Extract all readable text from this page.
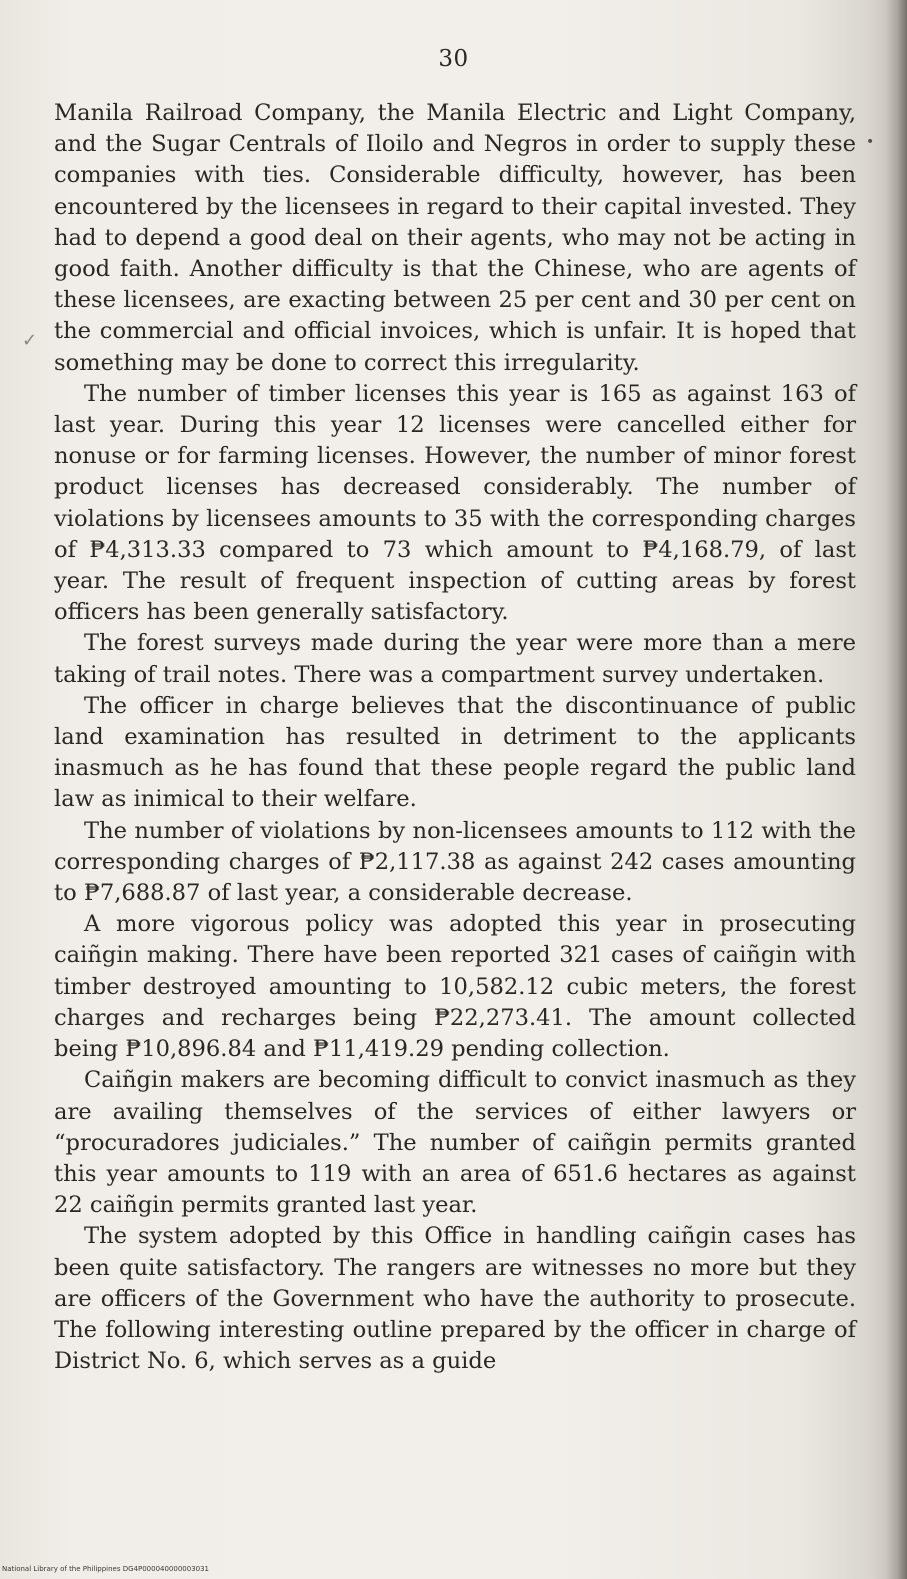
30
✓
•

Manila Railroad Company, the Manila Electric and Light Company, and the Sugar Centrals of Iloilo and Negros in order to supply these companies with ties. Considerable difficulty, however, has been encountered by the licensees in regard to their capital invested. They had to depend a good deal on their agents, who may not be acting in good faith. Another difficulty is that the Chinese, who are agents of these licensees, are exacting between 25 per cent and 30 per cent on the commercial and official invoices, which is unfair. It is hoped that something may be done to correct this irregularity.

The number of timber licenses this year is 165 as against 163 of last year. During this year 12 licenses were cancelled either for nonuse or for farming licenses. However, the number of minor forest product licenses has decreased considerably. The number of violations by licensees amounts to 35 with the corresponding charges of ₱4,313.33 compared to 73 which amount to ₱4,168.79, of last year. The result of frequent inspection of cutting areas by forest officers has been generally satisfactory.

The forest surveys made during the year were more than a mere taking of trail notes. There was a compartment survey undertaken.

The officer in charge believes that the discontinuance of public land examination has resulted in detriment to the applicants inasmuch as he has found that these people regard the public land law as inimical to their welfare.

The number of violations by non-licensees amounts to 112 with the corresponding charges of ₱2,117.38 as against 242 cases amounting to ₱7,688.87 of last year, a considerable decrease.

A more vigorous policy was adopted this year in prosecuting caiñgin making. There have been reported 321 cases of caiñgin with timber destroyed amounting to 10,582.12 cubic meters, the forest charges and recharges being ₱22,273.41. The amount collected being ₱10,896.84 and ₱11,419.29 pending collection.

Caiñgin makers are becoming difficult to convict inasmuch as they are availing themselves of the services of either lawyers or “procuradores judiciales.” The number of caiñgin permits granted this year amounts to 119 with an area of 651.6 hectares as against 22 caiñgin permits granted last year.

The system adopted by this Office in handling caiñgin cases has been quite satisfactory. The rangers are witnesses no more but they are officers of the Government who have the authority to prosecute. The following interesting outline prepared by the officer in charge of District No. 6, which serves as a guide

National Library of the Philippines DG4P000040000003031
